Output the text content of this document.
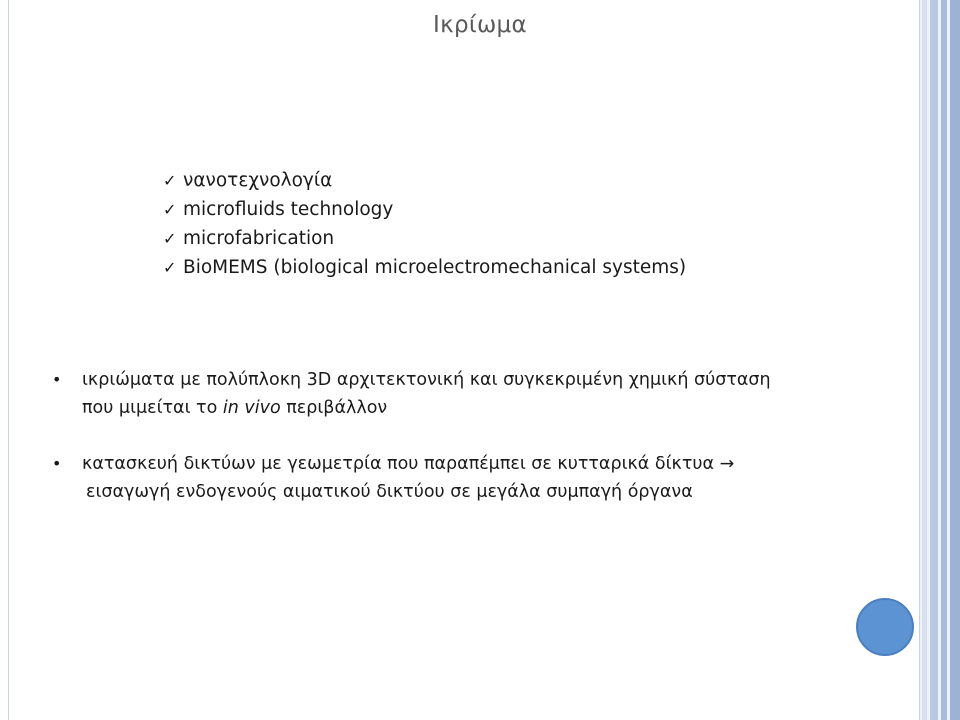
Ικρίωμα
✓ νανοτεχνολογία
✓ microfluids technology
✓ microfabrication
✓ BioMEMS (biological microelectromechanical systems)
• ικριώματα με πολύπλοκη 3D αρχιτεκτονική και συγκεκριμένη χημική σύσταση
που μιμείται το in vivo περιβάλλον
• κατασκευή δικτύων με γεωμετρία που παραπέμπει σε κυτταρικά δίκτυα →
εισαγωγή ενδογενούς αιματικού δικτύου σε μεγάλα συμπαγή όργανα
